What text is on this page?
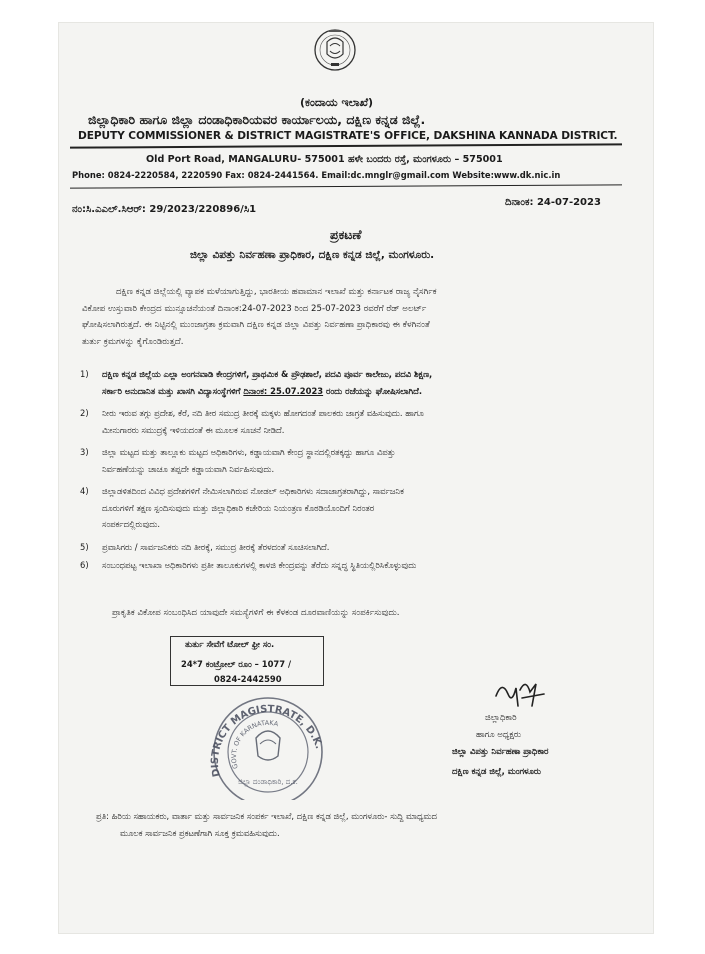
(ಕಂದಾಯ ಇಲಾಖೆ)
ಜಿಲ್ಲಾಧಿಕಾರಿ ಹಾಗೂ ಜಿಲ್ಲಾ ದಂಡಾಧಿಕಾರಿಯವರ ಕಾರ್ಯಾಲಯ, ದಕ್ಷಿಣ ಕನ್ನಡ ಜಿಲ್ಲೆ.
DEPUTY COMMISSIONER & DISTRICT MAGISTRATE'S OFFICE, DAKSHINA KANNADA DISTRICT.
Old Port Road, MANGALURU- 575001 ಹಳೇ ಬಂದರು ರಸ್ತೆ, ಮಂಗಳೂರು – 575001
Phone: 0824-2220584, 2220590 Fax: 0824-2441564. Email:dc.mnglr@gmail.com Website:www.dk.nic.in
ನಂ:ಸಿ.ಎಎಲ್.ಸಿಆರ್: 29/2023/220896/ಸಿ1
ದಿನಾಂಕ: 24-07-2023
ಪ್ರಕಟಣೆ
ಜಿಲ್ಲಾ ವಿಪತ್ತು ನಿರ್ವಹಣಾ ಪ್ರಾಧಿಕಾರ, ದಕ್ಷಿಣ ಕನ್ನಡ ಜಿಲ್ಲೆ, ಮಂಗಳೂರು.

ದಕ್ಷಿಣ ಕನ್ನಡ ಜಿಲ್ಲೆಯಲ್ಲಿ ವ್ಯಾಪಕ ಮಳೆಯಾಗುತ್ತಿದ್ದು, ಭಾರತೀಯ ಹವಾಮಾನ ಇಲಾಖೆ ಮತ್ತು ಕರ್ನಾಟಕ ರಾಜ್ಯ ನೈಸರ್ಗಿಕ

ವಿಕೋಪ ಉಸ್ತುವಾರಿ ಕೇಂದ್ರದ ಮುನ್ಸೂಚನೆಯಂತೆ ದಿನಾಂಕ:24-07-2023 ರಿಂದ 25-07-2023 ರವರೆಗೆ ರೆಡ್ ಅಲರ್ಟ್

ಘೋಷಿಸಲಾಗಿರುತ್ತದೆ. ಈ ನಿಟ್ಟಿನಲ್ಲಿ ಮುಂಜಾಗ್ರತಾ ಕ್ರಮವಾಗಿ ದಕ್ಷಿಣ ಕನ್ನಡ ಜಿಲ್ಲಾ ವಿಪತ್ತು ನಿರ್ವಹಣಾ ಪ್ರಾಧಿಕಾರವು ಈ ಕೆಳಗಿನಂತೆ

ತುರ್ತು ಕ್ರಮಗಳನ್ನು ಕೈಗೊಂಡಿರುತ್ತದೆ.

1) ದಕ್ಷಿಣ ಕನ್ನಡ ಜಿಲ್ಲೆಯ ಎಲ್ಲಾ ಅಂಗನವಾಡಿ ಕೇಂದ್ರಗಳಿಗೆ, ಪ್ರಾಥಮಿಕ & ಪ್ರೌಢಶಾಲೆ, ಪದವಿ ಪೂರ್ವ ಕಾಲೇಜು, ಪದವಿ ಶಿಕ್ಷಣ,
ಸರ್ಕಾರಿ ಅನುದಾನಿತ ಮತ್ತು ಖಾಸಗಿ ವಿದ್ಯಾಸಂಸ್ಥೆಗಳಿಗೆ ದಿನಾಂಕ: 25.07.2023 ರಂದು ರಜೆಯನ್ನು ಘೋಷಿಸಲಾಗಿದೆ.
2) ನೀರು ಇರುವ ತಗ್ಗು ಪ್ರದೇಶ, ಕೆರೆ, ನದಿ ತೀರ ಸಮುದ್ರ ತೀರಕ್ಕೆ ಮಕ್ಕಳು ಹೋಗದಂತೆ ಪಾಲಕರು ಜಾಗ್ರತೆ ವಹಿಸುವುದು. ಹಾಗೂ
ಮೀನುಗಾರರು ಸಮುದ್ರಕ್ಕೆ ಇಳಿಯದಂತೆ ಈ ಮೂಲಕ ಸೂಚನೆ ನೀಡಿದೆ.
3) ಜಿಲ್ಲಾ ಮಟ್ಟದ ಮತ್ತು ತಾಲ್ಲೂಕು ಮಟ್ಟದ ಅಧಿಕಾರಿಗಳು, ಕಡ್ಡಾಯವಾಗಿ ಕೇಂದ್ರ ಸ್ಥಾನದಲ್ಲಿರತಕ್ಕದ್ದು ಹಾಗೂ ವಿಪತ್ತು
ನಿರ್ವಹಣೆಯನ್ನು ಚಾಚೂ ತಪ್ಪದೇ ಕಡ್ಡಾಯವಾಗಿ ನಿರ್ವಹಿಸುವುದು.
4) ಜಿಲ್ಲಾಡಳಿತದಿಂದ ವಿವಿಧ ಪ್ರದೇಶಗಳಿಗೆ ನೇಮಿಸಲಾಗಿರುವ ನೋಡಲ್ ಅಧಿಕಾರಿಗಳು ಸದಾಜಾಗ್ರತರಾಗಿದ್ದು, ಸಾರ್ವಜನಿಕ
ದೂರುಗಳಿಗೆ ತಕ್ಷಣ ಸ್ಪಂದಿಸುವುದು ಮತ್ತು ಜಿಲ್ಲಾಧಿಕಾರಿ ಕಚೇರಿಯ ನಿಯಂತ್ರಣ ಕೊಠಡಿಯೊಂದಿಗೆ ನಿರಂತರ
ಸಂಪರ್ಕದಲ್ಲಿರುವುದು.
5) ಪ್ರವಾಸಿಗರು / ಸಾರ್ವಜನಿಕರು ನದಿ ತೀರಕ್ಕೆ, ಸಮುದ್ರ ತೀರಕ್ಕೆ ತೆರಳದಂತೆ ಸೂಚಿಸಲಾಗಿದೆ.
6) ಸಂಬಂಧಪಟ್ಟ ಇಲಾಖಾ ಅಧಿಕಾರಿಗಳು ಪ್ರತೀ ತಾಲೂಕುಗಳಲ್ಲಿ ಕಾಳಜಿ ಕೇಂದ್ರವನ್ನು ತೆರೆದು ಸನ್ನದ್ಧ ಸ್ಥಿತಿಯಲ್ಲಿರಿಸಿಕೊಳ್ಳುವುದು
ಪ್ರಾಕೃತಿಕ ವಿಕೋಪ ಸಂಬಂಧಿಸಿದ ಯಾವುದೇ ಸಮಸ್ಯೆಗಳಿಗೆ ಈ ಕೆಳಕಂಡ ದೂರವಾಣಿಯನ್ನು ಸಂಪರ್ಕಿಸುವುದು.
ತುರ್ತು ಸೇವೆಗೆ ಟೋಲ್ ಫ್ರೀ ಸಂ.
24*7 ಕಂಟ್ರೋಲ್ ರೂಂ – 1077 /
0824-2442590
DISTRICT MAGISTRATE, D.K.
GOVT. OF KARNATAKA
ಜಿಲ್ಲಾ ದಂಡಾಧಿಕಾರಿ, ದ.ಕ.
ಜಿಲ್ಲಾಧಿಕಾರಿ
ಹಾಗೂ ಅಧ್ಯಕ್ಷರು
ಜಿಲ್ಲಾ ವಿಪತ್ತು ನಿರ್ವಹಣಾ ಪ್ರಾಧಿಕಾರ
ದಕ್ಷಿಣ ಕನ್ನಡ ಜಿಲ್ಲೆ, ಮಂಗಳೂರು

ಪ್ರತಿ: ಹಿರಿಯ ಸಹಾಯಕರು, ವಾರ್ತಾ ಮತ್ತು ಸಾರ್ವಜನಿಕ ಸಂಪರ್ಕ ಇಲಾಖೆ, ದಕ್ಷಿಣ ಕನ್ನಡ ಜಿಲ್ಲೆ, ಮಂಗಳೂರು- ಸುದ್ದಿ ಮಾಧ್ಯಮದ

ಮೂಲಕ ಸಾರ್ವಜನಿಕ ಪ್ರಕಟಣೆಗಾಗಿ ಸೂಕ್ತ ಕ್ರಮವಹಿಸುವುದು.
